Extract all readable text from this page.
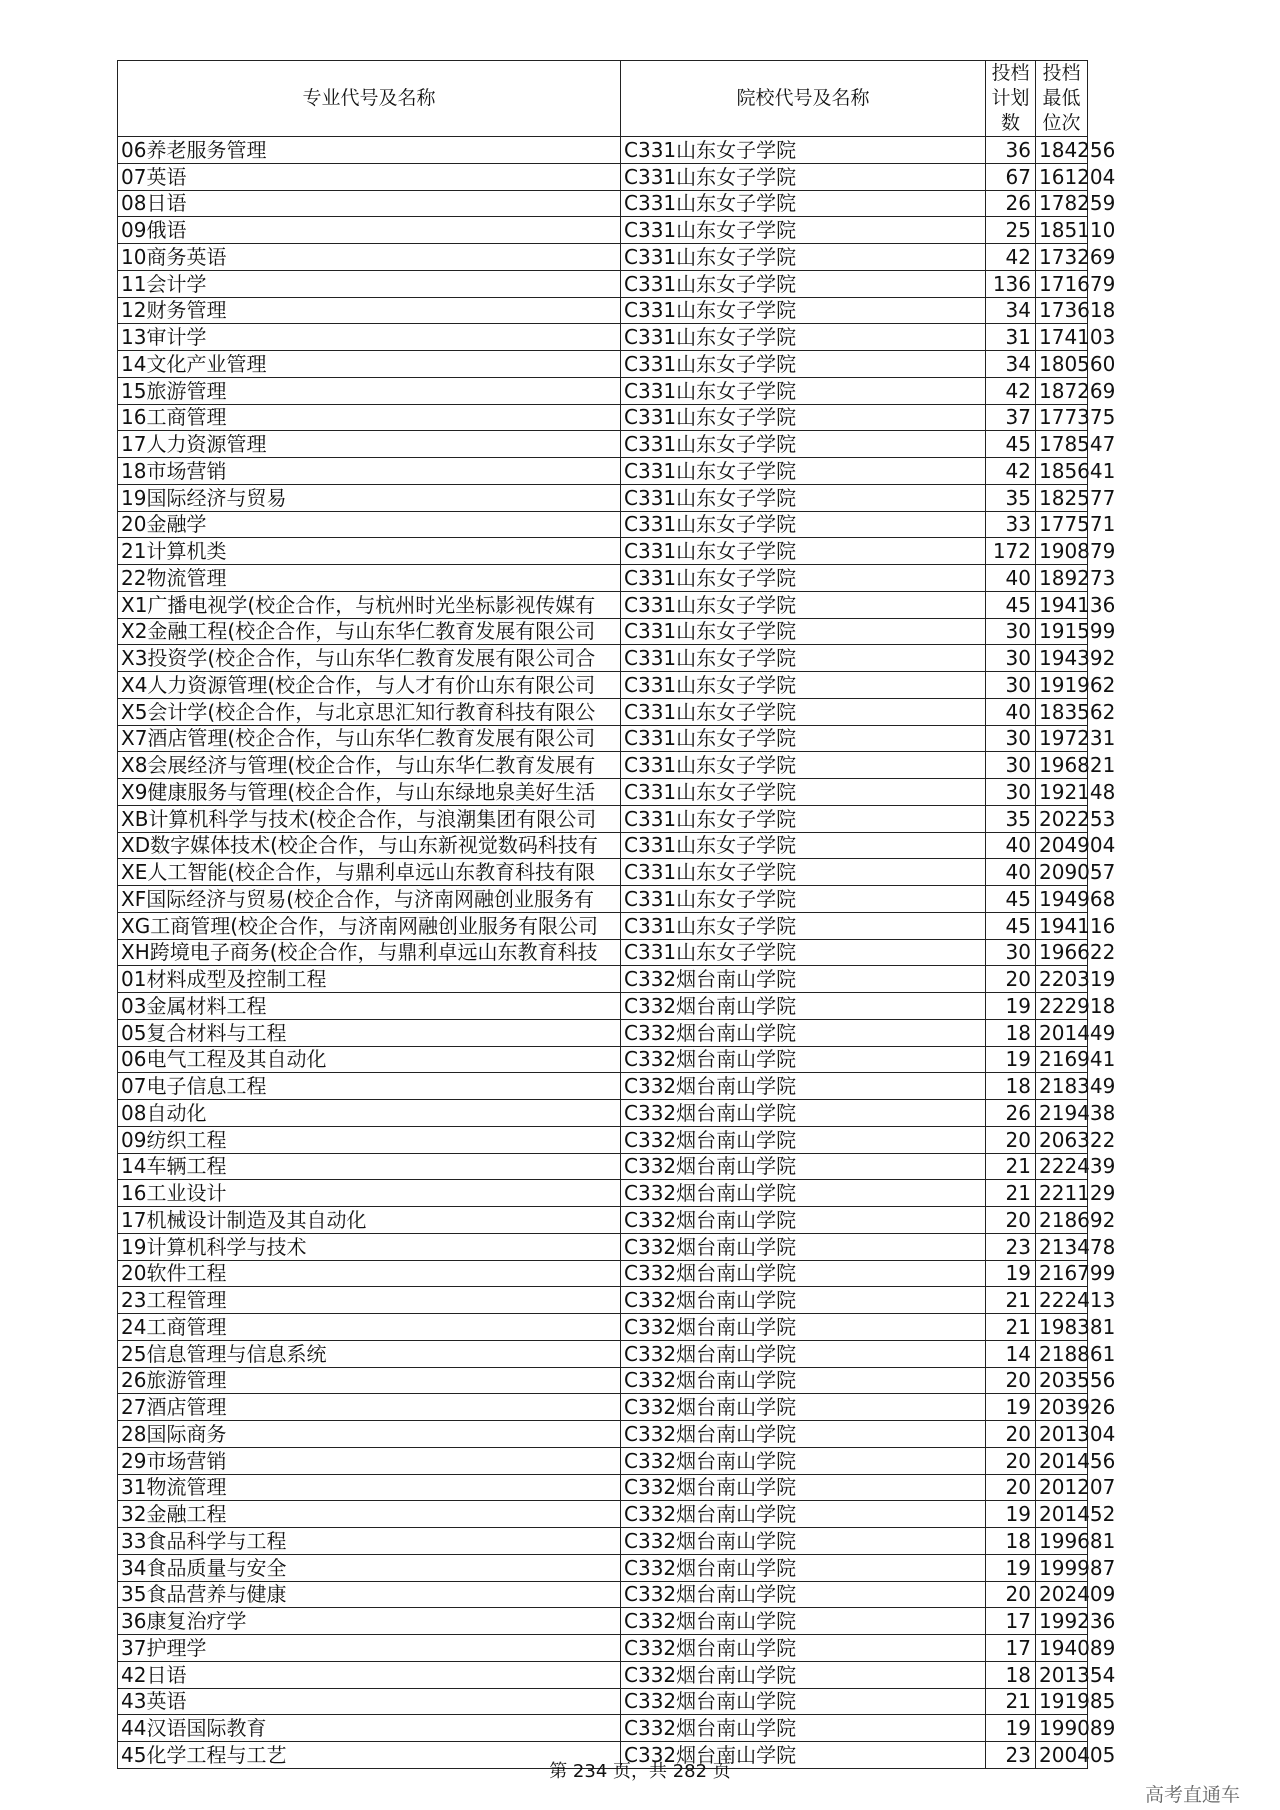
专业代号及名称	院校代号及名称	投档计划数	投档最低位次
06养老服务管理	C331山东女子学院	36	184256
07英语	C331山东女子学院	67	161204
08日语	C331山东女子学院	26	178259
09俄语	C331山东女子学院	25	185110
10商务英语	C331山东女子学院	42	173269
11会计学	C331山东女子学院	136	171679
12财务管理	C331山东女子学院	34	173618
13审计学	C331山东女子学院	31	174103
14文化产业管理	C331山东女子学院	34	180560
15旅游管理	C331山东女子学院	42	187269
16工商管理	C331山东女子学院	37	177375
17人力资源管理	C331山东女子学院	45	178547
18市场营销	C331山东女子学院	42	185641
19国际经济与贸易	C331山东女子学院	35	182577
20金融学	C331山东女子学院	33	177571
21计算机类	C331山东女子学院	172	190879
22物流管理	C331山东女子学院	40	189273
X1广播电视学(校企合作，与杭州时光坐标影视传媒有	C331山东女子学院	45	194136
X2金融工程(校企合作，与山东华仁教育发展有限公司	C331山东女子学院	30	191599
X3投资学(校企合作，与山东华仁教育发展有限公司合	C331山东女子学院	30	194392
X4人力资源管理(校企合作，与人才有价山东有限公司	C331山东女子学院	30	191962
X5会计学(校企合作，与北京思汇知行教育科技有限公	C331山东女子学院	40	183562
X7酒店管理(校企合作，与山东华仁教育发展有限公司	C331山东女子学院	30	197231
X8会展经济与管理(校企合作，与山东华仁教育发展有	C331山东女子学院	30	196821
X9健康服务与管理(校企合作，与山东绿地泉美好生活	C331山东女子学院	30	192148
XB计算机科学与技术(校企合作，与浪潮集团有限公司	C331山东女子学院	35	202253
XD数字媒体技术(校企合作，与山东新视觉数码科技有	C331山东女子学院	40	204904
XE人工智能(校企合作，与鼎利卓远山东教育科技有限	C331山东女子学院	40	209057
XF国际经济与贸易(校企合作，与济南网融创业服务有	C331山东女子学院	45	194968
XG工商管理(校企合作，与济南网融创业服务有限公司	C331山东女子学院	45	194116
XH跨境电子商务(校企合作，与鼎利卓远山东教育科技	C331山东女子学院	30	196622
01材料成型及控制工程	C332烟台南山学院	20	220319
03金属材料工程	C332烟台南山学院	19	222918
05复合材料与工程	C332烟台南山学院	18	201449
06电气工程及其自动化	C332烟台南山学院	19	216941
07电子信息工程	C332烟台南山学院	18	218349
08自动化	C332烟台南山学院	26	219438
09纺织工程	C332烟台南山学院	20	206322
14车辆工程	C332烟台南山学院	21	222439
16工业设计	C332烟台南山学院	21	221129
17机械设计制造及其自动化	C332烟台南山学院	20	218692
19计算机科学与技术	C332烟台南山学院	23	213478
20软件工程	C332烟台南山学院	19	216799
23工程管理	C332烟台南山学院	21	222413
24工商管理	C332烟台南山学院	21	198381
25信息管理与信息系统	C332烟台南山学院	14	218861
26旅游管理	C332烟台南山学院	20	203556
27酒店管理	C332烟台南山学院	19	203926
28国际商务	C332烟台南山学院	20	201304
29市场营销	C332烟台南山学院	20	201456
31物流管理	C332烟台南山学院	20	201207
32金融工程	C332烟台南山学院	19	201452
33食品科学与工程	C332烟台南山学院	18	199681
34食品质量与安全	C332烟台南山学院	19	199987
35食品营养与健康	C332烟台南山学院	20	202409
36康复治疗学	C332烟台南山学院	17	199236
37护理学	C332烟台南山学院	17	194089
42日语	C332烟台南山学院	18	201354
43英语	C332烟台南山学院	21	191985
44汉语国际教育	C332烟台南山学院	19	199089
45化学工程与工艺	C332烟台南山学院	23	200405
第 234 页，共 282 页
高考直通车
